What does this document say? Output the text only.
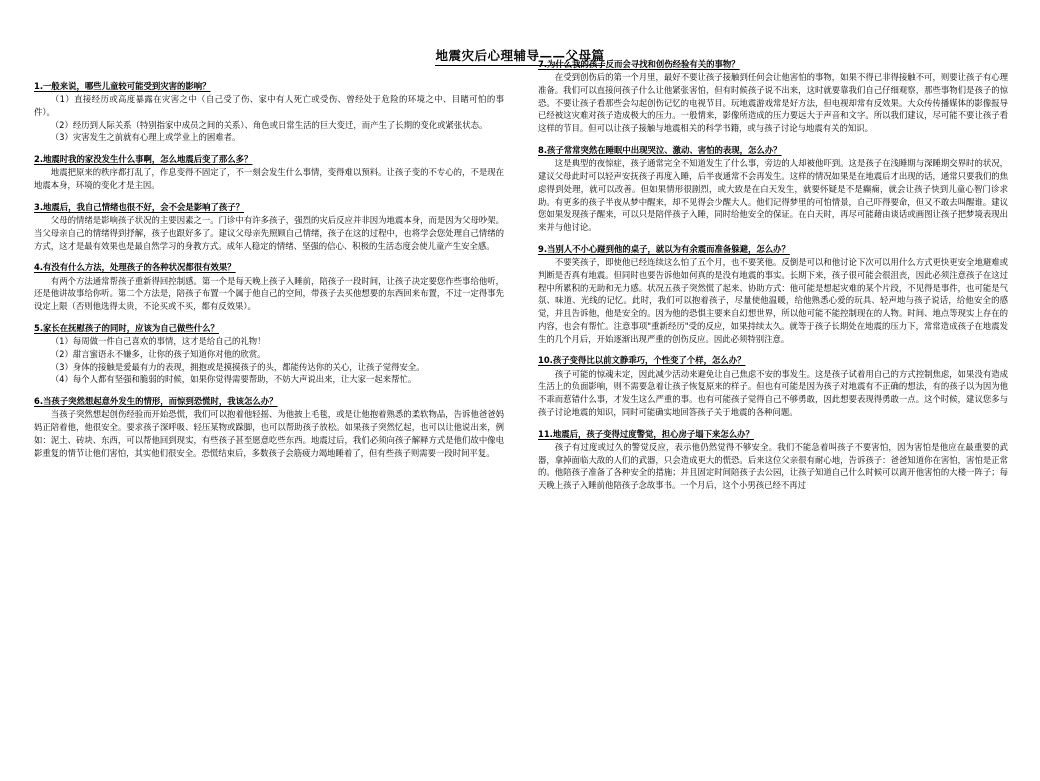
地震灾后心理辅导——父母篇

1.一般来说，哪些儿童较可能受到灾害的影响？

（1）直接经历或高度暴露在灾害之中（自己受了伤、家中有人死亡或受伤、曾经处于危险的环境之中、目睹可怕的事件）。

（2）经历到人际关系（特别指家中成员之间的关系）、角色或日常生活的巨大变迁，而产生了长期的变化或紧张状态。

（3）灾害发生之前就有心理上或学业上的困难者。

2.地震时我的家没发生什么事啊，怎么地震后变了那么多？

地震把原来的秩序都打乱了，作息变得不固定了，不一刻会发生什么事情，变得难以预料。让孩子变的不专心的，不是现在地震本身，环境的变化才是主因。

3.地震后，我自己情绪也很不好，会不会是影响了孩子？

父母的情绪是影响孩子状况的主要因素之一。门诊中有许多孩子，强烈的灾后反应并非因为地震本身，而是因为父母吵架。当父母亲自己的情绪得到抒解，孩子也跟好多了。建议父母亲先照顾自己情绪，孩子在这的过程中，也将学会您处理自己情绪的方式，这才是最有效果也是最自然学习的身教方式。成年人稳定的情绪、坚强的信心、积极的生活态度会使儿童产生安全感。

4.有没有什么方法，处理孩子的各种状况都很有效果？

有两个方法通常帮孩子重新得回控制感。第一个是每天晚上孩子入睡前，陪孩子一段时间，让孩子决定要您作些事给他听，还是他讲故事给你听。第二个方法是，陪孩子布置一个属于他自己的空间，带孩子去买他想要的东西回来布置，不过一定得事先设定上限（否则他选得太贵，不论买或不买，都有反效果）。

5.家长在抚慰孩子的同时，应该为自己做些什么？

（1）每周做一件自己喜欢的事情，这才是给自己的礼物！

（2）甜言蜜语永不嫌多，让你的孩子知道你对他的欣赏。

（3）身体的接触是爱最有力的表现，拥抱或是摸摸孩子的头，都能传达你的关心，让孩子觉得安全。

（4）每个人都有坚强和脆弱的时候，如果你觉得需要帮助，不妨大声说出来，让大家一起来帮忙。

6.当孩子突然想起意外发生的情形，而惊到恐慌时，我该怎么办？

当孩子突然想起创伤经验而开始恐慌，我们可以抱着他轻摇、为他披上毛毯，或是让他抱着熟悉的柔软物品，告诉他爸爸妈妈正陪着他，他很安全。要求孩子深呼吸、轻压某物或跺脚，也可以帮助孩子放松。如果孩子突然忆起，也可以让他说出来，例如：泥土、砖块、东西，可以帮他回到现实，有些孩子甚至愿意吃些东西。地震过后，我们必须向孩子解释方式是他们故中像电影重复的情节让他们害怕，其实他们很安全。恐慌结束后，多数孩子会筋疲力竭地睡着了，但有些孩子则需要一段时间平复。

7.为什么我的孩子反而会寻找和创伤经验有关的事物？

在受到创伤后的第一个月里，最好不要让孩子接触到任何会让他害怕的事物，如果不得已非得接触不可，则要让孩子有心理准备。我们可以直接问孩子什么让他紧张害怕，但有时候孩子说不出来，这时就要靠我们自己仔细观察，那些事物们是孩子的惊恐。不要让孩子看那些会勾起创伤记忆的电视节目。玩地震游戏常是好方法，但电视却常有反效果。大众传传播媒体的影像报导已经被这灾难对孩子造成极大的压力。一般情来，影像所造成的压力要远大于声音和文字。所以我们建议，尽可能不要让孩子看这样的节目。但可以让孩子接触与地震相关的科学书籍，或与孩子讨论与地震有关的知识。

8.孩子常常突然在睡眠中出现哭泣、激动、害怕的表现，怎么办？

这是典型的夜惊症，孩子通常完全不知道发生了什么事，旁边的人却被他吓到。这是孩子在浅睡期与深睡期交界时的状况，建议父母此时可以轻声安抚孩子再度入睡，后半夜通常不会再发生。这样的情况如果是在地震后才出现的话，通常只要我们的焦虑得到处理，就可以改善。但如果情形很剧烈，或大致是在白天发生，就要怀疑是不是癫痫，就会让孩子快到儿童心智门诊求助。有更多的孩子半夜从梦中醒来，却不见得会少醒大人。他们记得梦里的可怕情景，自己吓得要命，但又不敢去叫醒谁。建议您如果发现孩子醒来，可以只是陪伴孩子入睡，同时给他安全的保证。在白天时，再尽可能藉由谈话或画图让孩子把梦境表现出来并与他讨论。

9.当别人不小心踫到他的桌子，就以为有余震而准备躲避，怎么办？

不要笑孩子，即使他已经连续这么怕了五个月，也不要笑他。反倒是可以和他讨论下次可以用什么方式更快更安全地避难或判断是否真有地震。但同时也要告诉他如何真的是没有地震的事实。长期下来，孩子很可能会很沮丧，因此必须注意孩子在这过程中所累积的无助和无力感。状况五孩子突然慌了起来、协助方式：他可能是想起灾难的某个片段，不见得是事件，也可能是气氛、味道、光线的记忆。此时，我们可以抱着孩子，尽量使他温暖，给他熟悉心爱的玩具、轻声地与孩子说话，给他安全的感觉，并且告诉他，他是安全的。因为他的恐惧主要来自幻想世界，所以他可能不能控制现在的人物。时间、地点等现实上存在的内容，也会有帮忙。注意事项"重新经历"受的反应，如果持续太久。就等于孩子长期处在地震的压力下，常常造成孩子在地震发生的几个月后，开始逐渐出现严重的创伤反应。因此必须特别注意。

10.孩子变得比以前文静乖巧，个性变了个样，怎么办？

孩子可能的惊魂未定，因此减少活动来避免让自己焦虑不安的事发生。这是孩子试着用自己的方式控制焦虑，如果没有造成生活上的负面影响，则不需要急着让孩子恢复原来的样子。但也有可能是因为孩子对地震有不正确的想法，有的孩子以为因为他不乖而惹错什么事，才发生这么严重的事。也有可能孩子觉得自己不够勇敢，因此想要表现得勇敢一点。这个时候，建议您多与孩子讨论地震的知识，同时可能确实地回答孩子关于地震的各种问题。

11.地震后，孩子变得过度警觉，担心房子塌下来怎么办？

孩子有过度或过久的警觉反应，表示他仍然觉得不够安全。我们不能急着叫孩子不要害怕，因为害怕是他应在最重要的武器，拿掉面临大敌的人们的武器，只会造成更大的慌恐。后来这位父亲很有耐心地，告诉孩子：爸爸知道你在害怕，害怕是正常的。他陪孩子准备了各种安全的措施；并且固定时间陪孩子去公园，让孩子知道自己什么时候可以离开他害怕的大楼一阵子；每天晚上孩子入睡前他陪孩子念故事书。一个月后，这个小男孩已经不再过
